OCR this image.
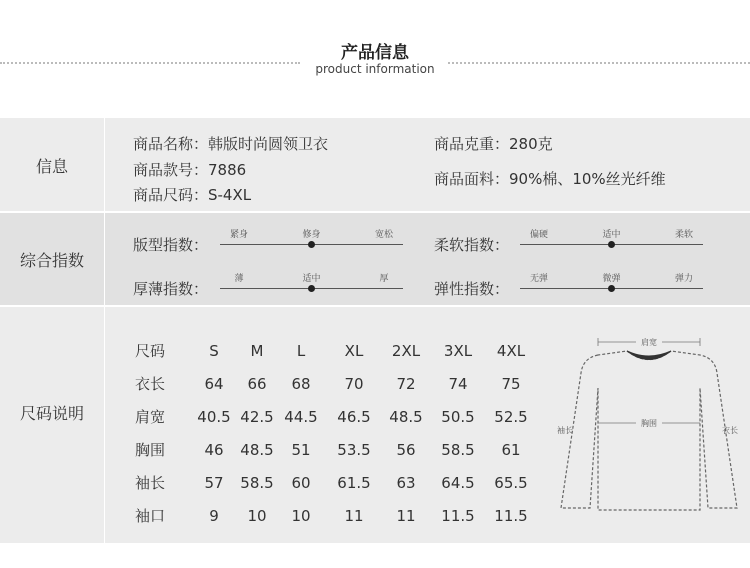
产品信息
product information
信息
商品名称：韩版时尚圆领卫衣
商品款号：7886
商品尺码：S-4XL
商品克重：280克
商品面料：90%棉、10%丝光纤维
综合指数
版型指数：
紧身	修身	宽松
柔软指数：
偏硬	适中	柔软
厚薄指数：
薄	适中	厚
弹性指数：
无弹	微弹	弹力
尺码说明
尺码	S	M	L	XL	2XL	3XL	4XL
衣长	64	66	68	70	72	74	75
肩宽	40.5	42.5	44.5	46.5	48.5	50.5	52.5
胸围	46	48.5	51	53.5	56	58.5	61
袖长	57	58.5	60	61.5	63	64.5	65.5
袖口	9	10	10	11	11	11.5	11.5
肩宽
胸围
袖长	衣长
